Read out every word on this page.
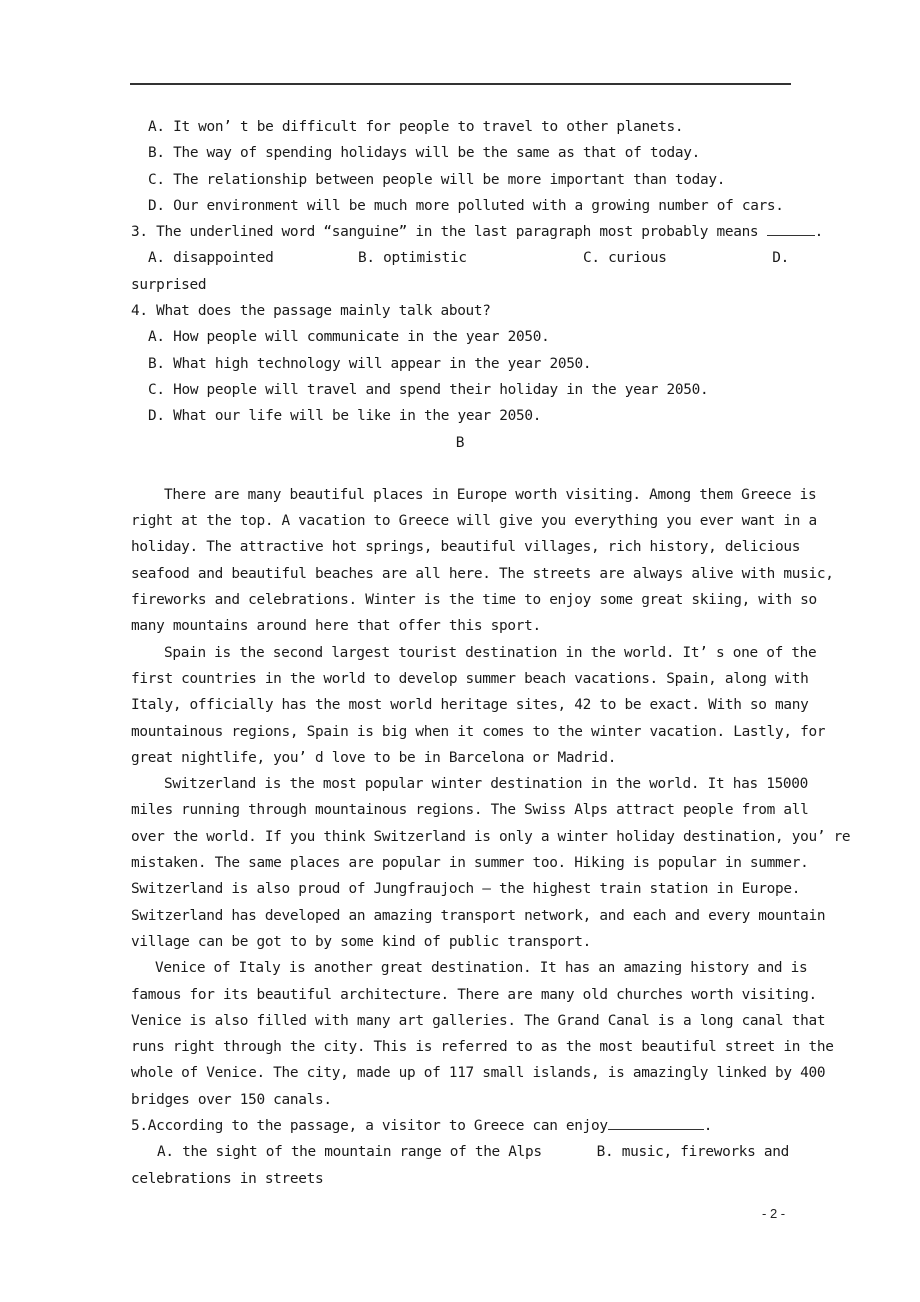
A. It won’ t be difficult for people to travel to other planets.
B. The way of spending holidays will be the same as that of today.
C. The relationship between people will be more important than today.
D. Our environment will be much more polluted with a growing number of cars.
3. The underlined word “sanguine” in the last paragraph most probably means	.
A. disappointed	B. optimistic	C. curious	D.
surprised
4. What does the passage mainly talk about?
A. How people will communicate in the year 2050.
B. What high technology will appear in the year 2050.
C. How people will travel and spend their holiday in the year 2050.
D. What our life will be like in the year 2050.
B
There are many beautiful places in Europe worth visiting. Among them Greece is
right at the top. A vacation to Greece will give you everything you ever want in a
holiday. The attractive hot springs, beautiful villages, rich history, delicious
seafood and beautiful beaches are all here. The streets are always alive with music,
fireworks and celebrations. Winter is the time to enjoy some great skiing, with so
many mountains around here that offer this sport.
Spain is the second largest tourist destination in the world. It’ s one of the
first countries in the world to develop summer beach vacations. Spain, along with
Italy, officially has the most world heritage sites, 42 to be exact. With so many
mountainous regions, Spain is big when it comes to the winter vacation. Lastly, for
great nightlife, you’ d love to be in Barcelona or Madrid.
Switzerland is the most popular winter destination in the world. It has 15000
miles running through mountainous regions. The Swiss Alps attract people from all
over the world. If you think Switzerland is only a winter holiday destination, you’ re
mistaken. The same places are popular in summer too. Hiking is popular in summer.
Switzerland is also proud of Jungfraujoch — the highest train station in Europe.
Switzerland has developed an amazing transport network, and each and every mountain
village can be got to by some kind of public transport.
Venice of Italy is another great destination. It has an amazing history and is
famous for its beautiful architecture. There are many old churches worth visiting.
Venice is also filled with many art galleries. The Grand Canal is a long canal that
runs right through the city. This is referred to as the most beautiful street in the
whole of Venice. The city, made up of 117 small islands, is amazingly linked by 400
bridges over 150 canals.
5.According to the passage, a visitor to Greece can enjoy	.
A. the sight of the mountain range of the Alps	B. music, fireworks and
celebrations in streets
- 2 -
